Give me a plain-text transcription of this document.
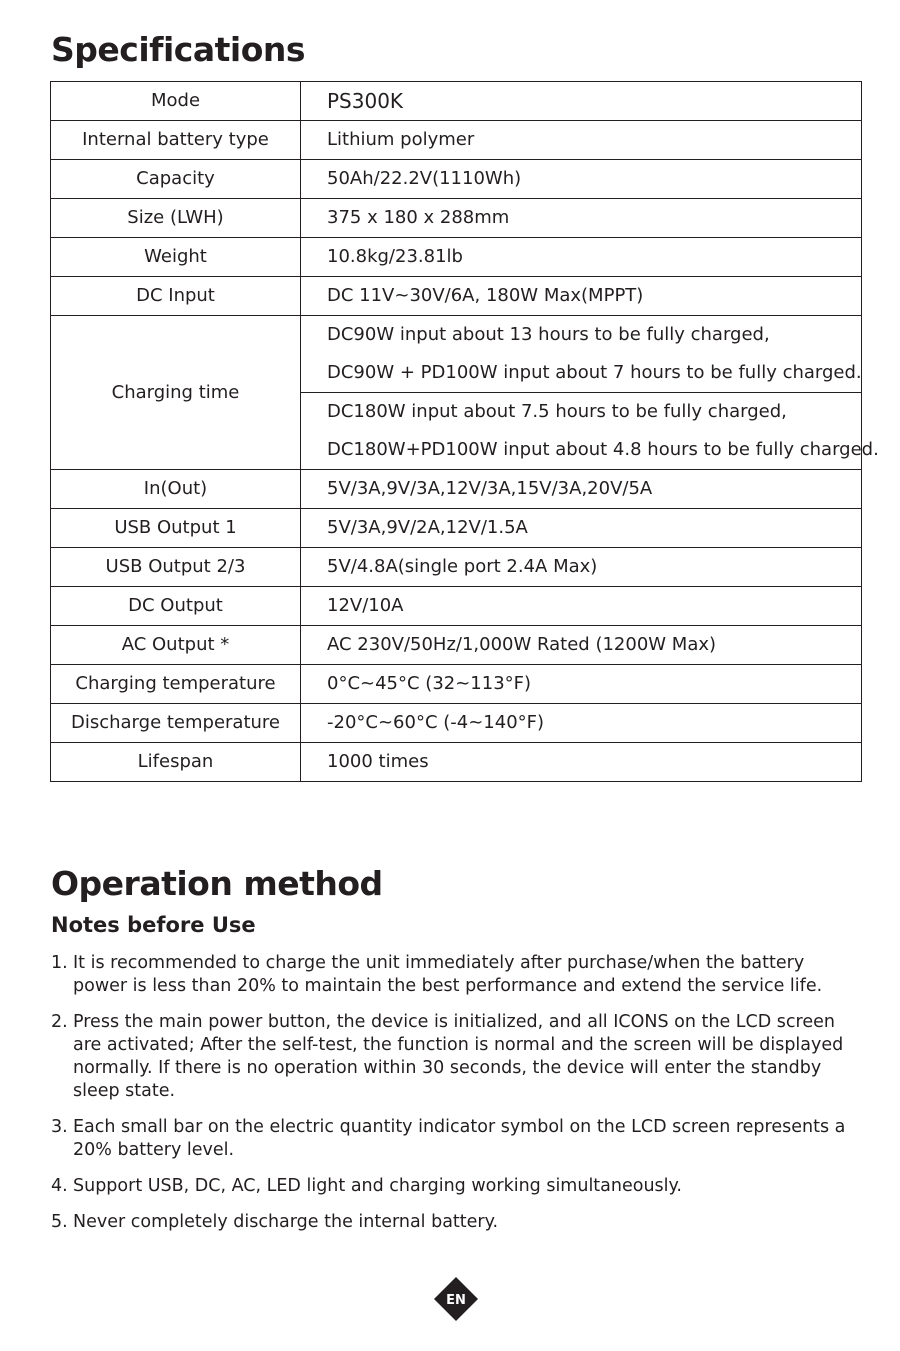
Specifications
Mode	PS300K
Internal battery type	Lithium polymer
Capacity	50Ah/22.2V(1110Wh)
Size (LWH)	375 x 180 x 288mm
Weight	10.8kg/23.81lb
DC Input	DC 11V~30V/6A, 180W Max(MPPT)
Charging time	DC90W input about 13 hours to be fully charged,
DC90W + PD100W input about 7 hours to be fully charged.
DC180W input about 7.5 hours to be fully charged,
DC180W+PD100W input about 4.8 hours to be fully charged.

In(Out)	5V/3A,9V/3A,12V/3A,15V/3A,20V/5A
USB Output 1	5V/3A,9V/2A,12V/1.5A
USB Output 2/3	5V/4.8A(single port 2.4A Max)
DC Output	12V/10A
AC Output *	AC 230V/50Hz/1,000W Rated (1200W Max)
Charging temperature	0°C~45°C (32~113°F)
Discharge temperature	-20°C~60°C (-4~140°F)
Lifespan	1000 times
Operation method
Notes before Use
1. It is recommended to charge the unit immediately after purchase/when the battery power is less than 20% to maintain the best performance and extend the service life.
2. Press the main power button, the device is initialized, and all ICONS on the LCD screen are activated; After the self-test, the function is normal and the screen will be displayed normally. If there is no operation within 30 seconds, the device will enter the standby sleep state.
3. Each small bar on the electric quantity indicator symbol on the LCD screen represents a 20% battery level.
4. Support USB, DC, AC, LED light and charging working simultaneously.
5. Never completely discharge the internal battery.
EN
